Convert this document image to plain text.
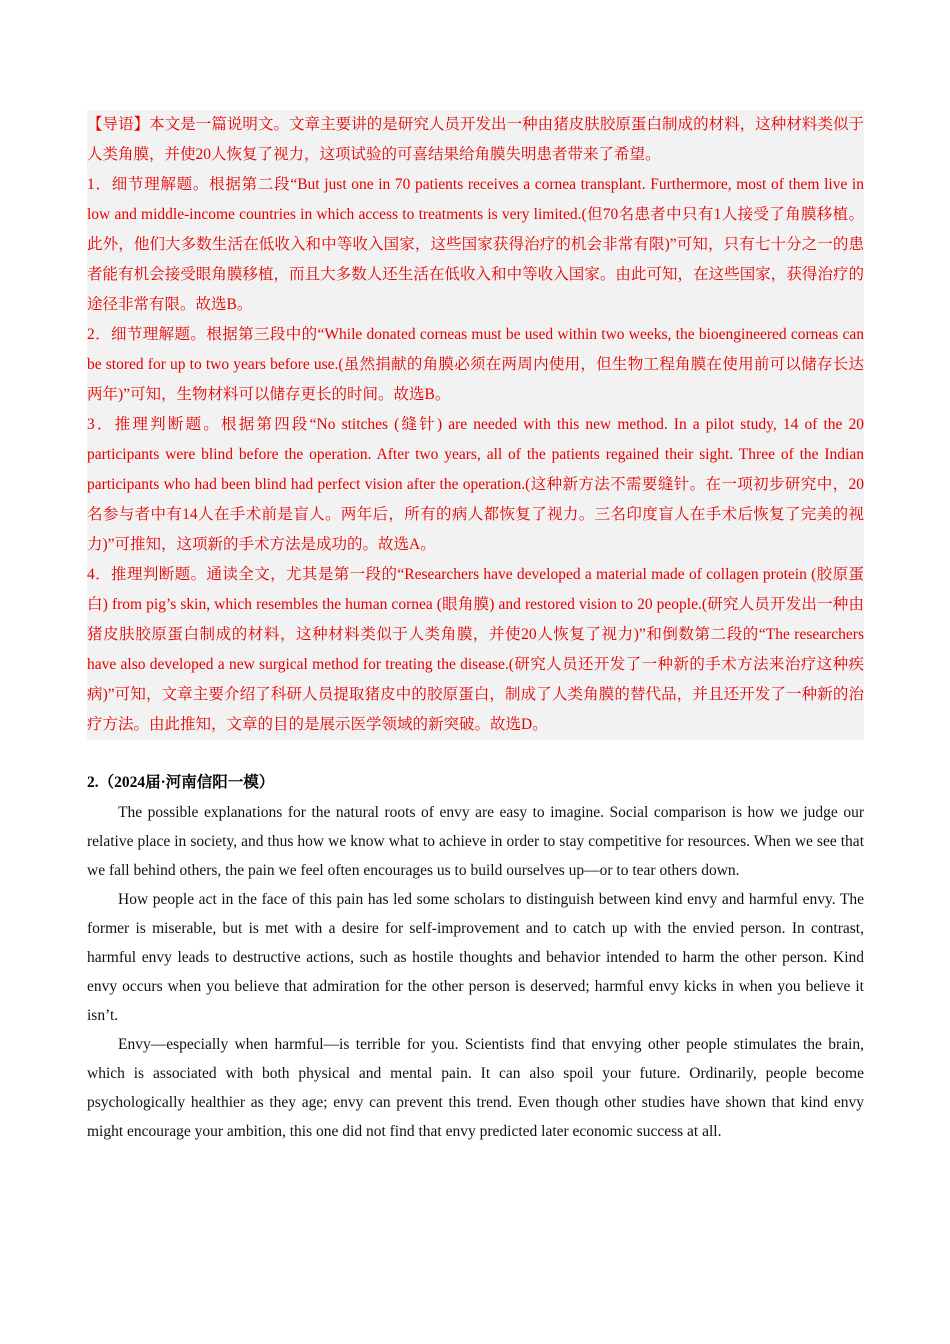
【导语】本文是一篇说明文。文章主要讲的是研究人员开发出一种由猪皮肤胶原蛋白制成的材料，这种材料类似于人类角膜，并使20人恢复了视力，这项试验的可喜结果给角膜失明患者带来了希望。

1．细节理解题。根据第二段“But just one in 70 patients receives a cornea transplant. Furthermore, most of them live in low and middle-income countries in which access to treatments is very limited.(但70名患者中只有1人接受了角膜移植。此外，他们大多数生活在低收入和中等收入国家，这些国家获得治疗的机会非常有限)”可知，只有七十分之一的患者能有机会接受眼角膜移植，而且大多数人还生活在低收入和中等收入国家。由此可知，在这些国家，获得治疗的途径非常有限。故选B。

2．细节理解题。根据第三段中的“While donated corneas must be used within two weeks, the bioengineered corneas can be stored for up to two years before use.(虽然捐献的角膜必须在两周内使用，但生物工程角膜在使用前可以储存长达两年)”可知，生物材料可以储存更长的时间。故选B。

3．推理判断题。根据第四段“No stitches (缝针) are needed with this new method. In a pilot study, 14 of the 20 participants were blind before the operation. After two years, all of the patients regained their sight. Three of the Indian participants who had been blind had perfect vision after the operation.(这种新方法不需要缝针。在一项初步研究中，20名参与者中有14人在手术前是盲人。两年后，所有的病人都恢复了视力。三名印度盲人在手术后恢复了完美的视力)”可推知，这项新的手术方法是成功的。故选A。

4．推理判断题。通读全文，尤其是第一段的“Researchers have developed a material made of collagen protein (胶原蛋白) from pig’s skin, which resembles the human cornea (眼角膜) and restored vision to 20 people.(研究人员开发出一种由猪皮肤胶原蛋白制成的材料，这种材料类似于人类角膜，并使20人恢复了视力)”和倒数第二段的“The researchers have also developed a new surgical method for treating the disease.(研究人员还开发了一种新的手术方法来治疗这种疾病)”可知，文章主要介绍了科研人员提取猪皮中的胶原蛋白，制成了人类角膜的替代品，并且还开发了一种新的治疗方法。由此推知，文章的目的是展示医学领域的新突破。故选D。

2.（2024届·河南信阳一模）

The possible explanations for the natural roots of envy are easy to imagine. Social comparison is how we judge our relative place in society, and thus how we know what to achieve in order to stay competitive for resources. When we see that we fall behind others, the pain we feel often encourages us to build ourselves up—or to tear others down.

How people act in the face of this pain has led some scholars to distinguish between kind envy and harmful envy. The former is miserable, but is met with a desire for self-improvement and to catch up with the envied person. In contrast, harmful envy leads to destructive actions, such as hostile thoughts and behavior intended to harm the other person. Kind envy occurs when you believe that admiration for the other person is deserved; harmful envy kicks in when you believe it isn’t.

Envy—especially when harmful—is terrible for you. Scientists find that envying other people stimulates the brain, which is associated with both physical and mental pain. It can also spoil your future. Ordinarily, people become psychologically healthier as they age; envy can prevent this trend. Even though other studies have shown that kind envy might encourage your ambition, this one did not find that envy predicted later economic success at all.
